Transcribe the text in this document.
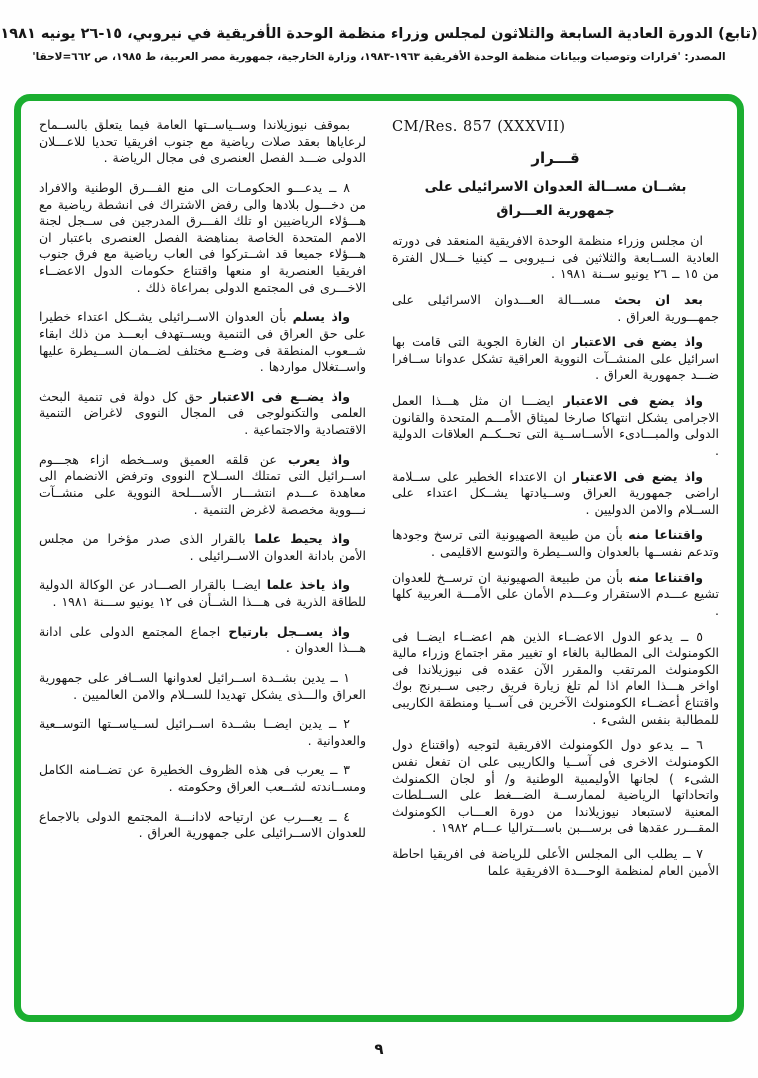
(تابع) الدورة العادية السابعة والثلاثون لمجلس وزراء منظمة الوحدة الأفريقية في نيروبي، ١٥-٢٦ يونيه ١٩٨١
المصدر: 'قرارات وتوصيات وبيانات منظمة الوحدة الأفريقية ١٩٦٣-١٩٨٣، وزارة الخارجية، جمهورية مصر العربية، ط ١٩٨٥، ص ٦٦٢=لاحقا'
CM/Res. 857 (XXXVII)
قـــرار
بشــان مســالة العدوان الاسرائيلى على
جمهورية العـــراق

ان مجلس وزراء منظمة الوحدة الافريقية المنعقد فى دورته العادية الســابعة والثلاثين فى نــيروبى ــ كينيا خـــلال الفترة من ١٥ ــ ٢٦ يونيو ســنة ١٩٨١ .

بعد ان بحث مســـالة العـــدوان الاسرائيلى على جمهـــورية العراق .

واذ يضع فى الاعتبار ان الغارة الجوية التى قامت بها اسرائيل على المنشــآت النووية العراقية تشكل عدوانا ســافرا ضـــد جمهورية العراق .

واذ يضع فى الاعتبار ايضـــا ان مثل هـــذا العمل الاجرامى يشكل انتهاكا صارخا لميثاق الأمـــم المتحدة والقانون الدولى والمبـــادىء الأســاســية التى تحــكــم العلاقات الدولية .

واذ يضع فى الاعتبار ان الاعتداء الخطير على ســلامة اراضى جمهورية العراق وســيادتها يشــكل اعتداء على الســلام والامن الدوليين .

واقتناعا منه بأن من طبيعة الصهيونية التى ترسخ وجودها وتدعم نفســها بالعدوان والســيطرة والتوسع الاقليمى .

واقتناعا منه بأن من طبيعة الصهيونية ان ترســخ للعدوان تشيع عـــدم الاستقرار وعـــدم الأمان على الأمـــة العربية كلها .

٥ ــ يدعو الدول الاعضــاء الذين هم اعضــاء ايضــا فى الكومنولث الى المطالبة بالغاء او تغيير مقر اجتماع وزراء مالية الكومنولث المرتقب والمقرر الآن عقده فى نيوزيلاندا فى اواخر هـــذا العام اذا لم تلغ زيارة فريق رجبى ســبرنج بوك واقتناع أعضــاء الكومنولث الآخرين فى آســيا ومنطقة الكاريبى للمطالبة بنفس الشىء .

٦ ــ يدعو دول الكومنولث الافريقية لتوجيه (واقتناع دول الكومنولث الاخرى فى آســيا والكاريبى على ان تفعل نفس الشىء ) لجانها الأوليمبية الوطنية و/ أو لجان الكمنولث واتحاداتها الرياضية لممارســة الضـــغط على الســلطات المعنية لاستبعاد نيوزيلاندا من دورة العـــاب الكومنولث المقـــرر عقدها فى برســـبن باســـتراليا عـــام ١٩٨٢ .

٧ ــ يطلب الى المجلس الأعلى للرياضة فى افريقيا احاطة الأمين العام لمنظمة الوحـــدة الافريقية علما

بموقف نيوزيلاندا وســياســتها العامة فيما يتعلق بالســماح لرعاياها بعقد صلات رياضية مع جنوب افريقيا تحديا للاعـــلان الدولى ضـــد الفصل العنصرى فى مجال الرياضة .

٨ ــ يدعـــو الحكومـات الى منع الفـــرق الوطنية والافراد من دخـــول بلادها والى رفض الاشتراك فى انشطة رياضية مع هـــؤلاء الرياضيين او تلك الفـــرق المدرجين فى ســجل لجنة الامم المتحدة الخاصة بمناهضة الفصل العنصرى باعتبار ان هـــؤلاء جميعا قد اشــتركوا فى العاب رياضية مع فرق جنوب افريقيا العنصرية او منعها واقتناع حكومات الدول الاعضــاء الاخـــرى فى المجتمع الدولى بمراعاة ذلك .

واذ يسلم بأن العدوان الاســرائيلى يشــكل اعتداء خطيرا على حق العراق فى التنمية ويســتهدف ابعـــد من ذلك ابقاء شــعوب المنطقة فى وضــع مختلف لضــمان الســيطرة عليها واســتغلال مواردها .

واذ يضــع فى الاعتبار حق كل دولة فى تنمية البحث العلمى والتكنولوجى فى المجال النووى لاغراض التنمية الاقتصادية والاجتماعية .

واذ يعرب عن قلقه العميق وســخطه ازاء هجـــوم اســرائيل التى تمتلك الســلاح النووى وترفض الانضمام الى معاهدة عـــدم انتشـــار الأســـلحة النووية على منشــآت نـــووية مخصصة لاغرض التنمية .

واذ يحيط علما بالقرار الذى صدر مؤخرا من مجلس الأمن بادانة العدوان الاســرائيلى .

واذ ياخذ علما ايضــا بالقرار الصـــادر عن الوكالة الدولية للطاقة الذرية فى هـــذا الشــأن فى ١٢ يونيو ســـنة ١٩٨١ .

واذ يســجل بارتياح اجماع المجتمع الدولى على ادانة هـــذا العدوان .

١ ــ يدين بشــدة اســرائيل لعدوانها الســافر على جمهورية العراق والـــذى يشكل تهديدا للســلام والامن العالميين .

٢ ــ يدين ايضــا بشــدة اســرائيل لســياســتها التوســعية والعدوانية .

٣ ــ يعرب فى هذه الظروف الخطيرة عن تضــامنه الكامل ومســاندته لشــعب العراق وحكومته .

٤ ــ يعـــرب عن ارتياحه لادانـــة المجتمع الدولى بالاجماع للعدوان الاســرائيلى على جمهورية العراق .

٩
